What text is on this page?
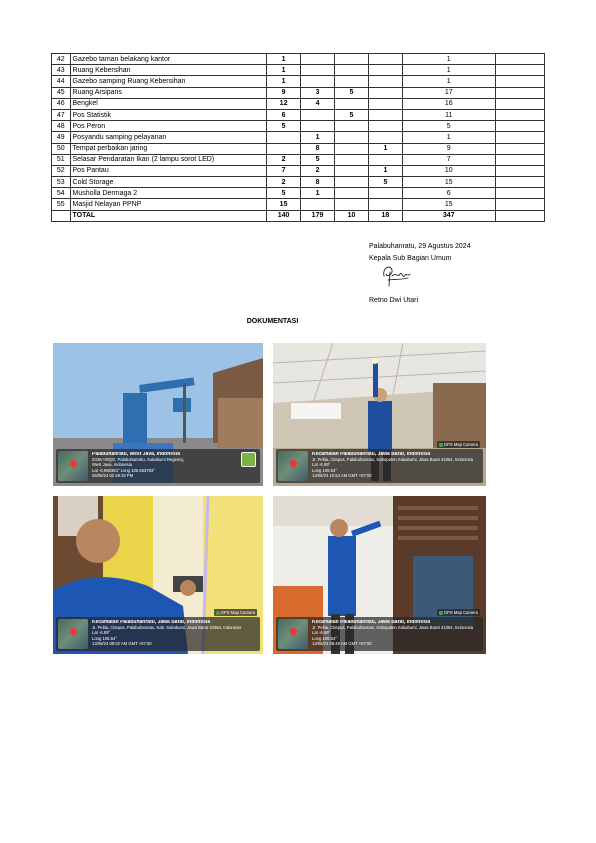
42	Gazebo taman belakang kantor	1				1	
43	Ruang Kebersihan	1				1	
44	Gazebo samping Ruang Kebersihan	1				1	
45	Ruang Arsiparis	9	3	5		17	
46	Bengkel	12	4			16	
47	Pos Statistik	6		5		11	
48	Pos Peron	5				5	
49	Posyandu samping pelayanan		1			1	
50	Tempat perbaikan jaring		8		1	9	
51	Selasar Pendaratan Ikan (2 lampu sorot LED)	2	5			7	
52	Pos Pantau	7	2		1	10	
53	Cold Storage	2	8		5	15	
54	Musholla Dermaga 2	5	1			6	
55	Masjid Nelayan PPNP	15				15	
	TOTAL	140	179	10	18	347	
Palabuhanratu, 29 Agustus 2024
Kepala Sub Bagian Umum
Retno Dwi Utari
DOKUMENTASI
Palabuhanratu, West Java, Indonesia
2G6V+MQO, Palabuhanratu, Sukabumi Regency,
West Java, Indonesia
Lat -6.988383° Long 106.563793°
06/08/24 02:29:19 PM
GPS Map Camera
Kecamatan Palabuhanratu, Jawa Barat, Indonesia
JI. Pelita, Citepus, Palabuhanratu, Kabupaten Sukabumi, Jawa Barat 43364, Indonesia
Lat -6.99°
Long 106.54°
13/08/24 10:54 AM GMT +07:00
GPS Map Camera
Kecamatan Palabuhanratu, Jawa Barat, Indonesia
JI. Pelita, Citepus, Palabuhanratu, Kab. Sukabumi, Jawa Barat 43364, Indonesia
Lat -6.99°
Long 106.54°
13/08/24 08:02 AM GMT +07:00
GPS Map Camera
Kecamatan Palabuhanratu, Jawa Barat, Indonesia
JI. Pelita, Citepus, Palabuhanratu, Kabupaten Sukabumi, Jawa Barat 43364, Indonesia
Lat -6.99°
Long 106.54°
13/08/24 08:46 AM GMT +07:00
